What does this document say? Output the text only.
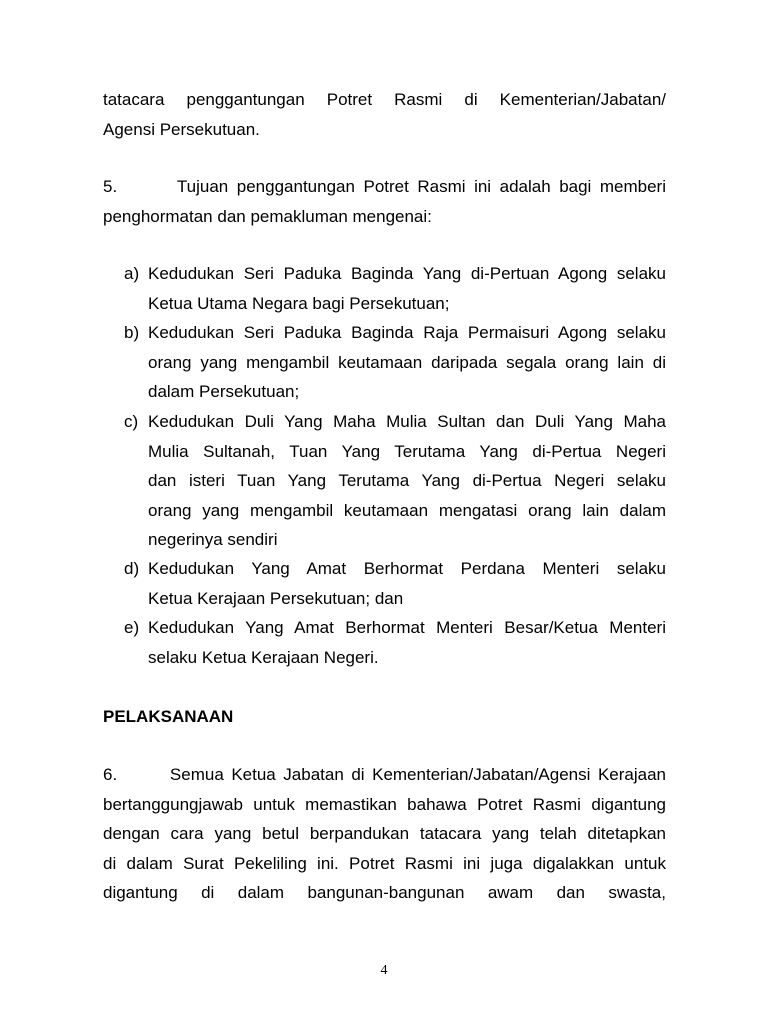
tatacara penggantungan Potret Rasmi di Kementerian/Jabatan/
Agensi Persekutuan.
5.       Tujuan penggantungan Potret Rasmi ini adalah bagi memberi
penghormatan dan pemakluman mengenai:
a) Kedudukan Seri Paduka Baginda Yang di-Pertuan Agong selaku
Ketua Utama Negara bagi Persekutuan;
b) Kedudukan Seri Paduka Baginda Raja Permaisuri Agong selaku
orang yang mengambil keutamaan daripada segala orang lain di
dalam Persekutuan;
c) Kedudukan Duli Yang Maha Mulia Sultan dan Duli Yang Maha
Mulia Sultanah, Tuan Yang Terutama Yang di-Pertua Negeri
dan isteri Tuan Yang Terutama Yang di-Pertua Negeri selaku
orang yang mengambil keutamaan mengatasi orang lain dalam
negerinya sendiri
d) Kedudukan Yang Amat Berhormat Perdana Menteri selaku
Ketua Kerajaan Persekutuan; dan
e) Kedudukan Yang Amat Berhormat Menteri Besar/Ketua Menteri
selaku Ketua Kerajaan Negeri.
PELAKSANAAN
6.       Semua Ketua Jabatan di Kementerian/Jabatan/Agensi Kerajaan
bertanggungjawab untuk memastikan bahawa Potret Rasmi digantung
dengan cara yang betul berpandukan tatacara yang telah ditetapkan
di dalam Surat Pekeliling ini. Potret Rasmi ini juga digalakkan untuk
digantung di dalam bangunan-bangunan awam dan swasta,
4
